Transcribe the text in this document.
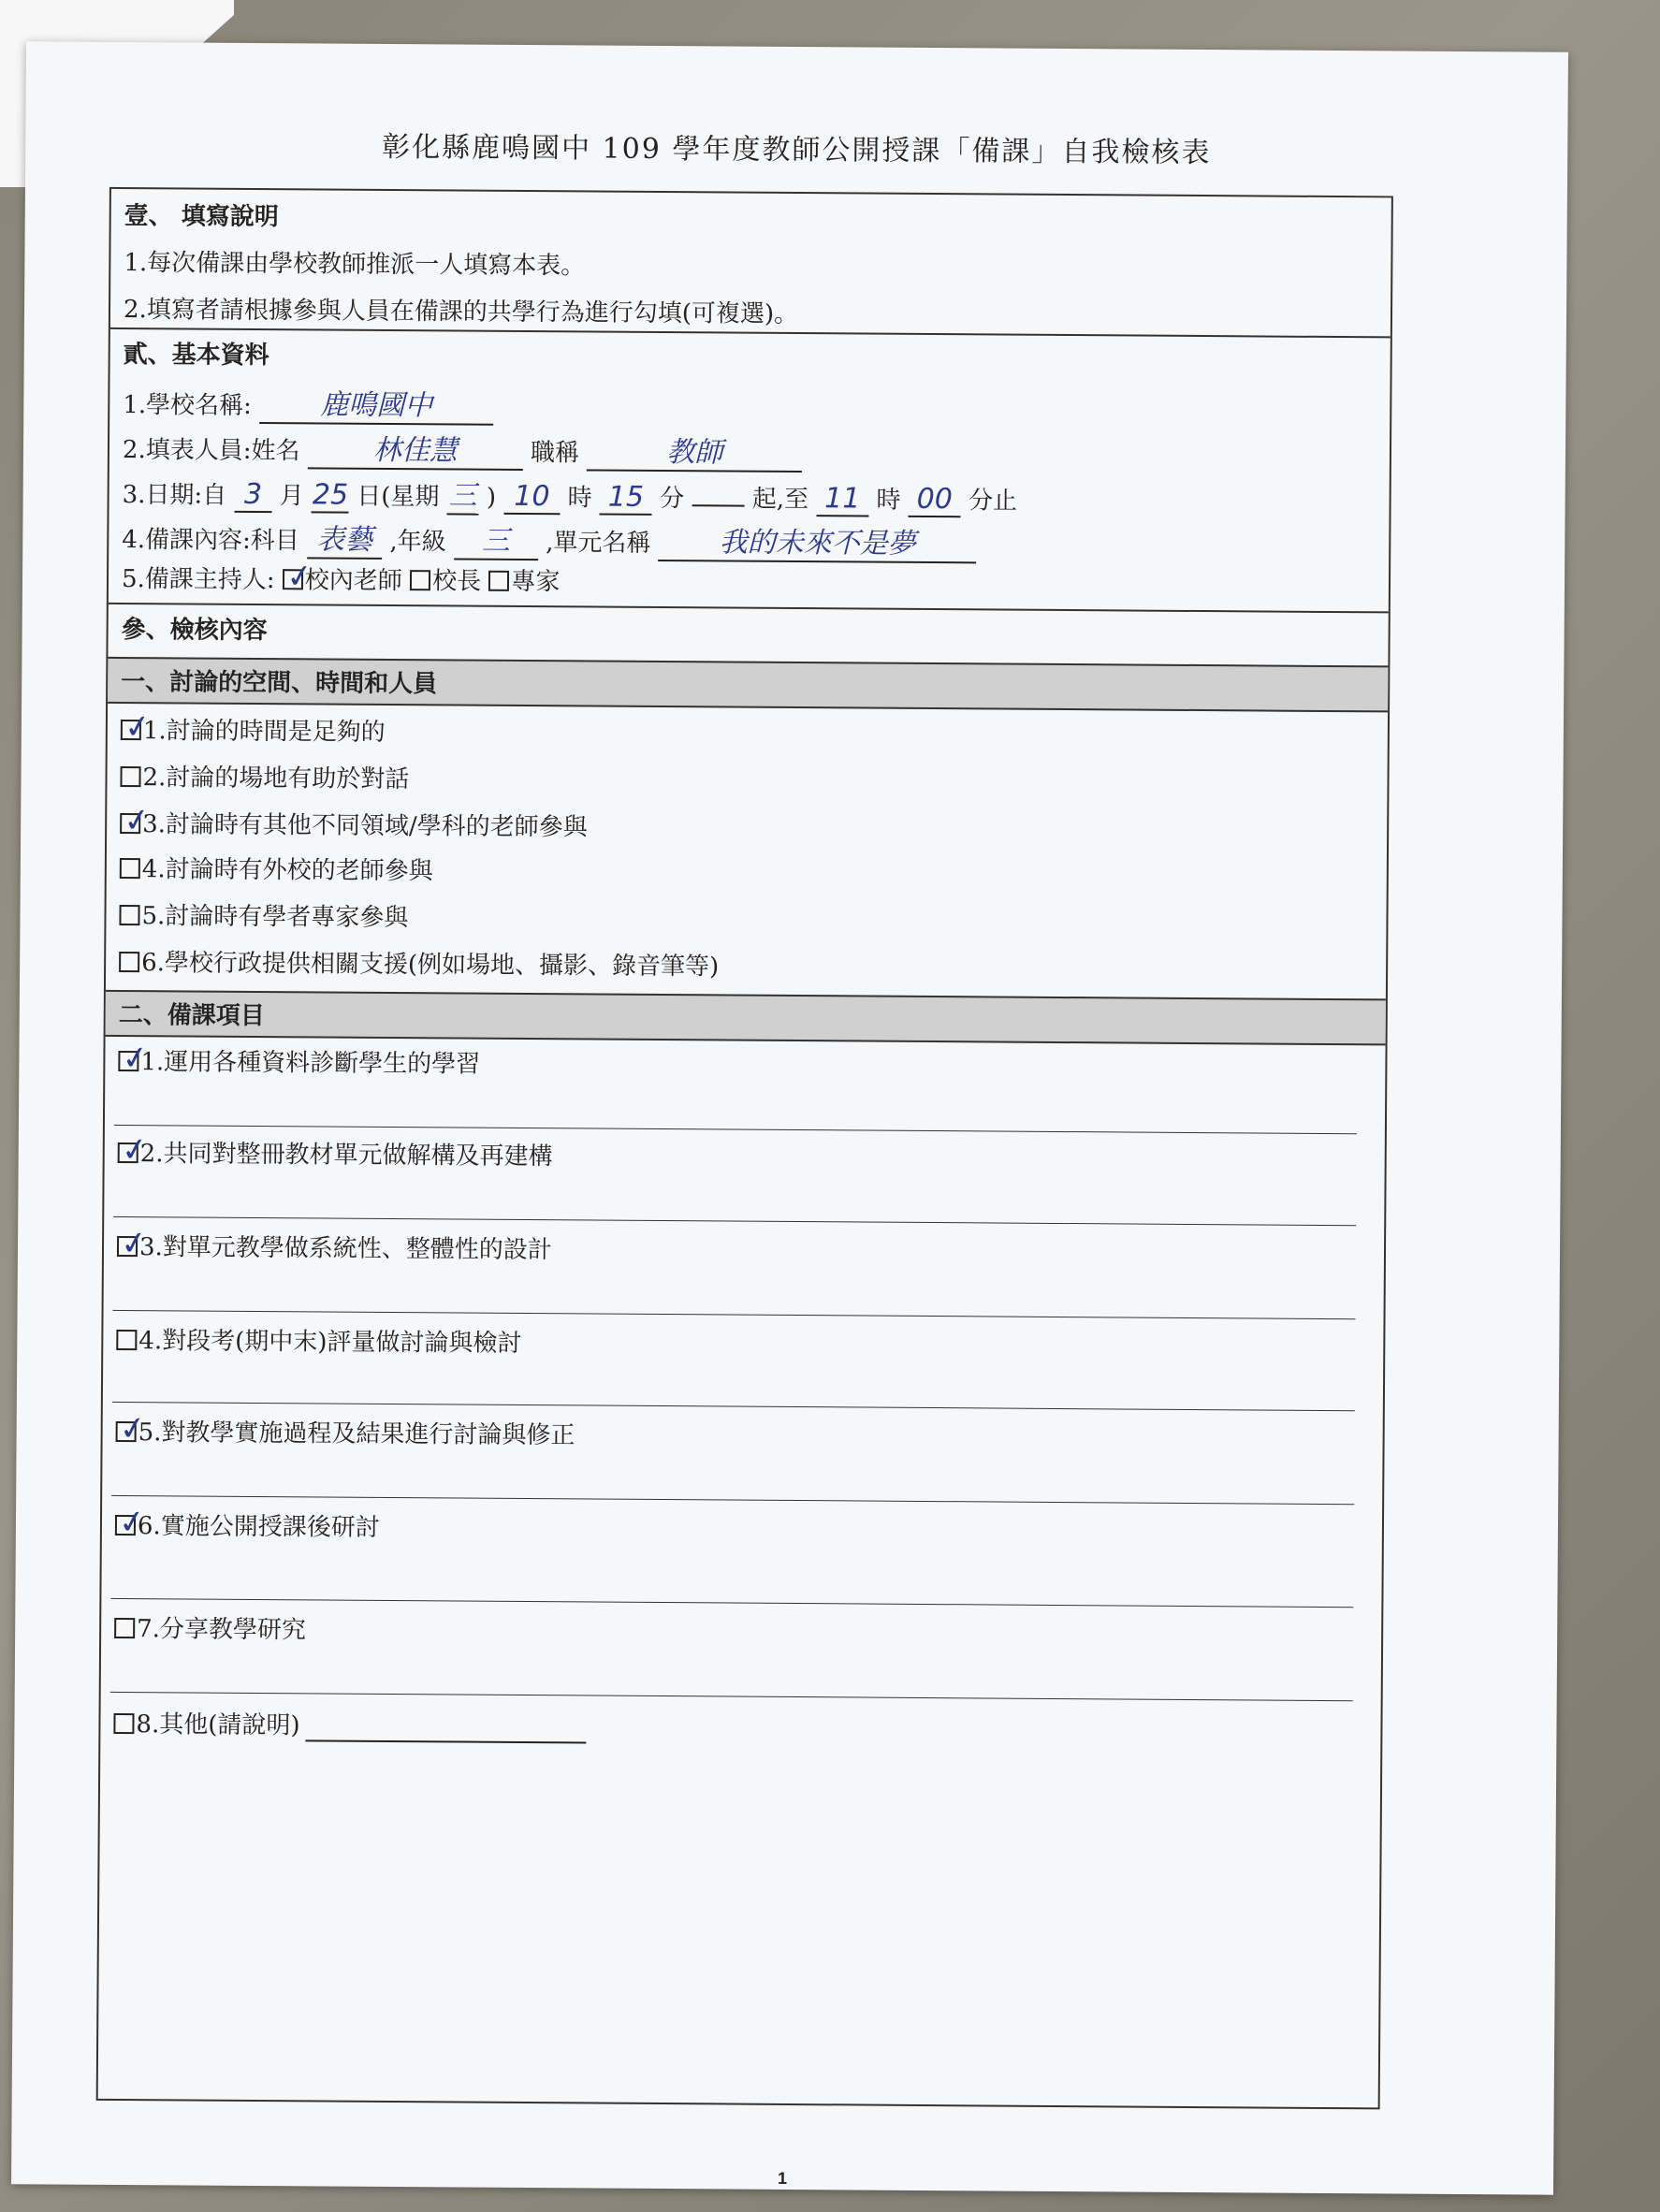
彰化縣鹿鳴國中 109 學年度教師公開授課「備課」自我檢核表
壹、 填寫說明
1.每次備課由學校教師推派一人填寫本表。
2.填寫者請根據參與人員在備課的共學行為進行勾填(可複選)。
貳、基本資料
1.學校名稱: 鹿鳴國中
2.填表人員:姓名	林佳慧	職稱	教師
3.日期:自 3 月 25 日(星期 三 ) 10 時 15 分	起,至 11 時 00 分止
4.備課內容:科目 表藝 ,年級 三 ,單元名稱 我的未來不是夢
5.備課主持人: ✓
校內老師 校長 專家
參、檢核內容
一、討論的空間、時間和人員
✓
1.討論的時間是足夠的
2.討論的場地有助於對話
✓
3.討論時有其他不同領域/學科的老師參與
4.討論時有外校的老師參與
5.討論時有學者專家參與
6.學校行政提供相關支援(例如場地、攝影、錄音筆等)
二、備課項目
✓
1.運用各種資料診斷學生的學習
✓
2.共同對整冊教材單元做解構及再建構
✓
3.對單元教學做系統性、整體性的設計
4.對段考(期中末)評量做討論與檢討
✓
5.對教學實施過程及結果進行討論與修正
✓
6.實施公開授課後研討
7.分享教學研究
8.其他(請說明)
1
